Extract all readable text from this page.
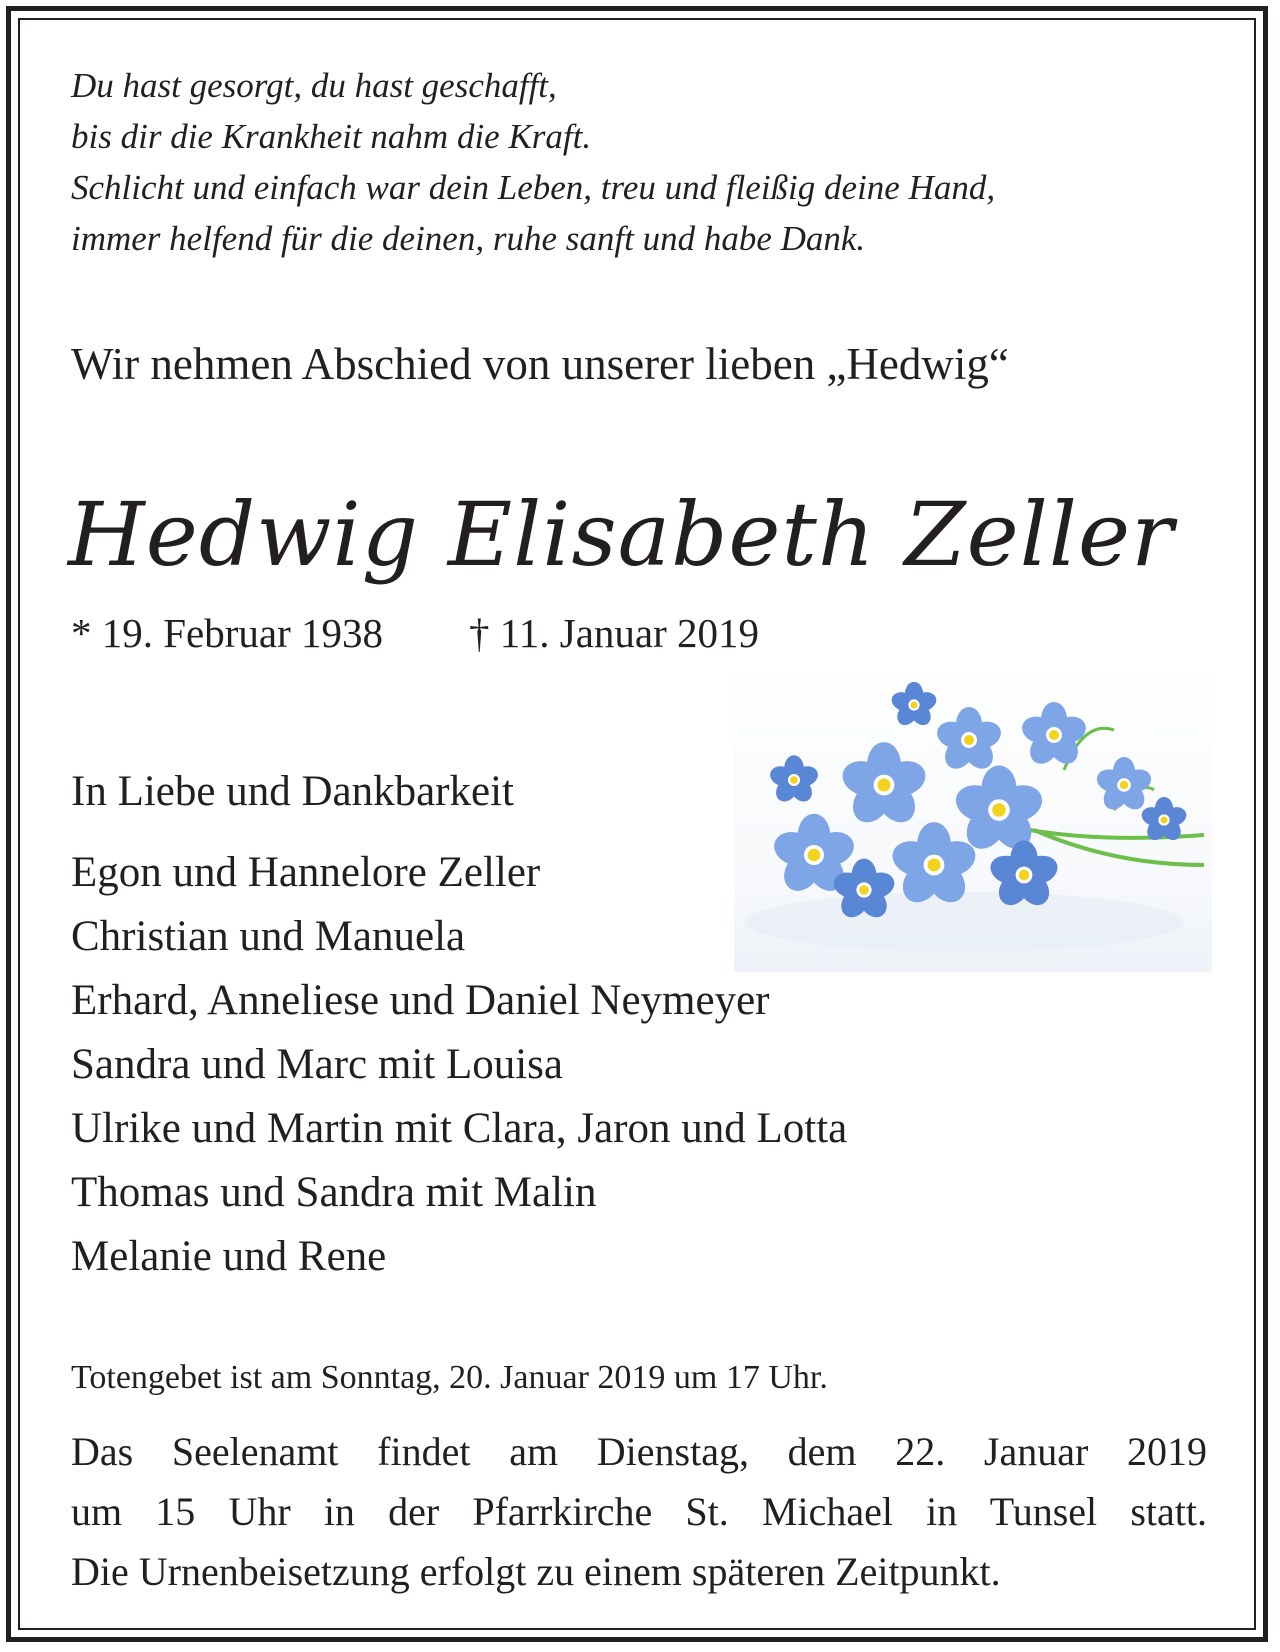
Du hast gesorgt, du hast geschafft,
bis dir die Krankheit nahm die Kraft.
Schlicht und einfach war dein Leben, treu und fleißig deine Hand,
immer helfend für die deinen, ruhe sanft und habe Dank.
Wir nehmen Abschied von unserer lieben „Hedwig“
Hedwig Elisabeth Zeller
* 19. Februar 1938 † 11. Januar 2019
In Liebe und Dankbarkeit
Egon und Hannelore Zeller
Christian und Manuela
Erhard, Anneliese und Daniel Neymeyer
Sandra und Marc mit Louisa
Ulrike und Martin mit Clara, Jaron und Lotta
Thomas und Sandra mit Malin
Melanie und Rene
Totengebet ist am Sonntag, 20. Januar 2019 um 17 Uhr.
Das Seelenamt findet am Dienstag, dem 22. Januar 2019
um 15 Uhr in der Pfarrkirche St. Michael in Tunsel statt.
Die Urnenbeisetzung erfolgt zu einem späteren Zeitpunkt.
